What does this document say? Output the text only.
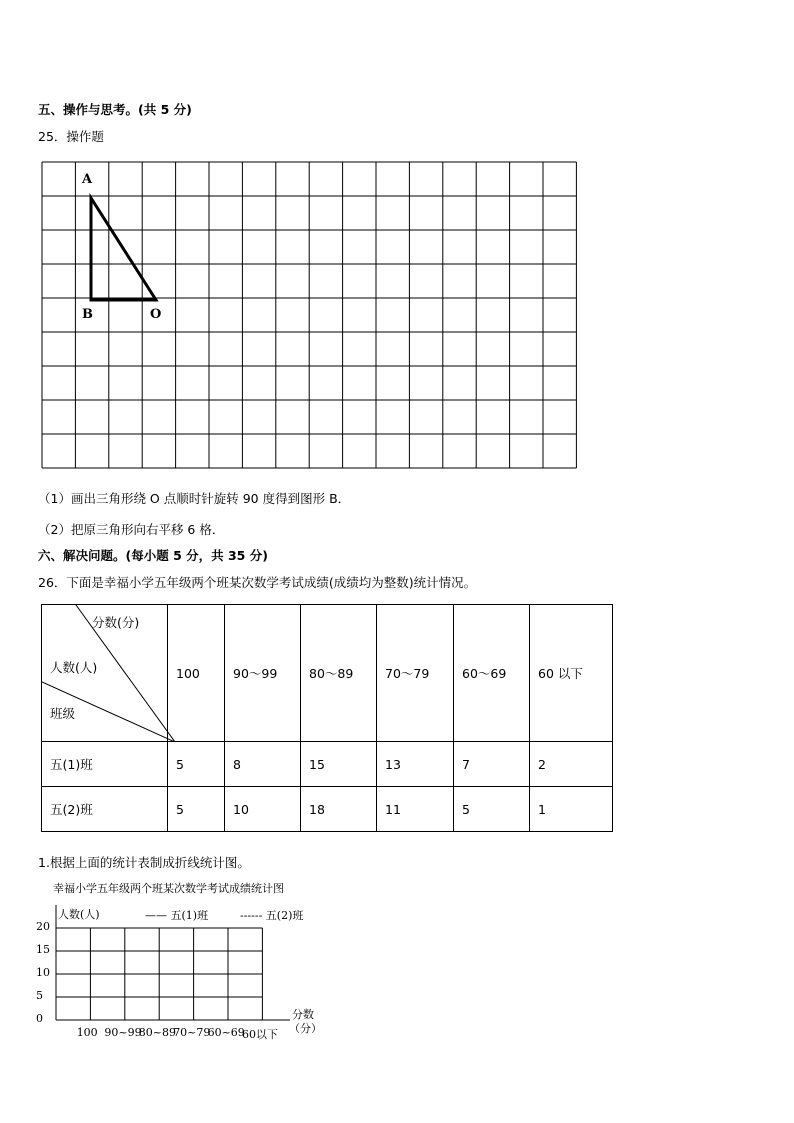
五、操作与思考。(共 5 分)
25．操作题
A
B	O
（1）画出三角形绕 O 点顺时针旋转 90 度得到图形 B．
（2）把原三角形向右平移 6 格．
六、解决问题。(每小题 5 分，共 35 分)
26．下面是幸福小学五年级两个班某次数学考试成绩(成绩均为整数)统计情况。
分数(分)
人数(人)
班级	100	90～99	80～89	70～79	60～69	60 以下
五(1)班	5	8	15	13	7	2
五(2)班	5	10	18	11	5	1
1.根据上面的统计表制成折线统计图。
幸福小学五年级两个班某次数学考试成绩统计图
人数(人)	—— 五(1)班	------ 五(2)班
0
5
10
15
20
100 90~99
80~89
70~79
60~69
60以下
分数
（分）
